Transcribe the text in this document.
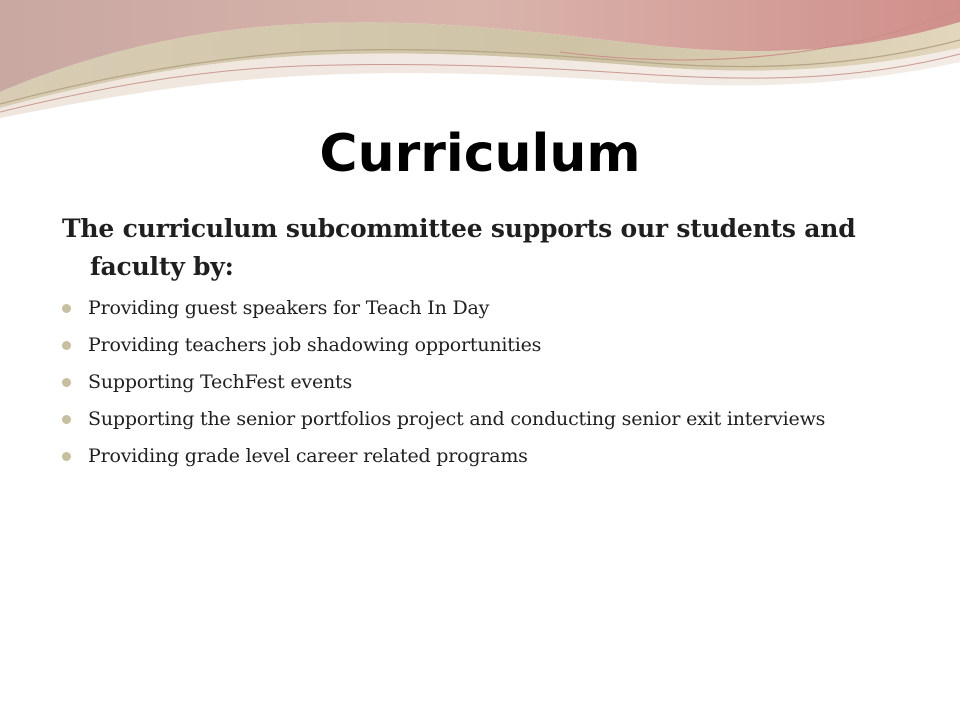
Curriculum

The curriculum subcommittee supports our students and faculty by:

Providing guest speakers for Teach In Day
Providing teachers job shadowing opportunities
Supporting TechFest events
Supporting the senior portfolios project and conducting senior exit interviews
Providing grade level career related programs
